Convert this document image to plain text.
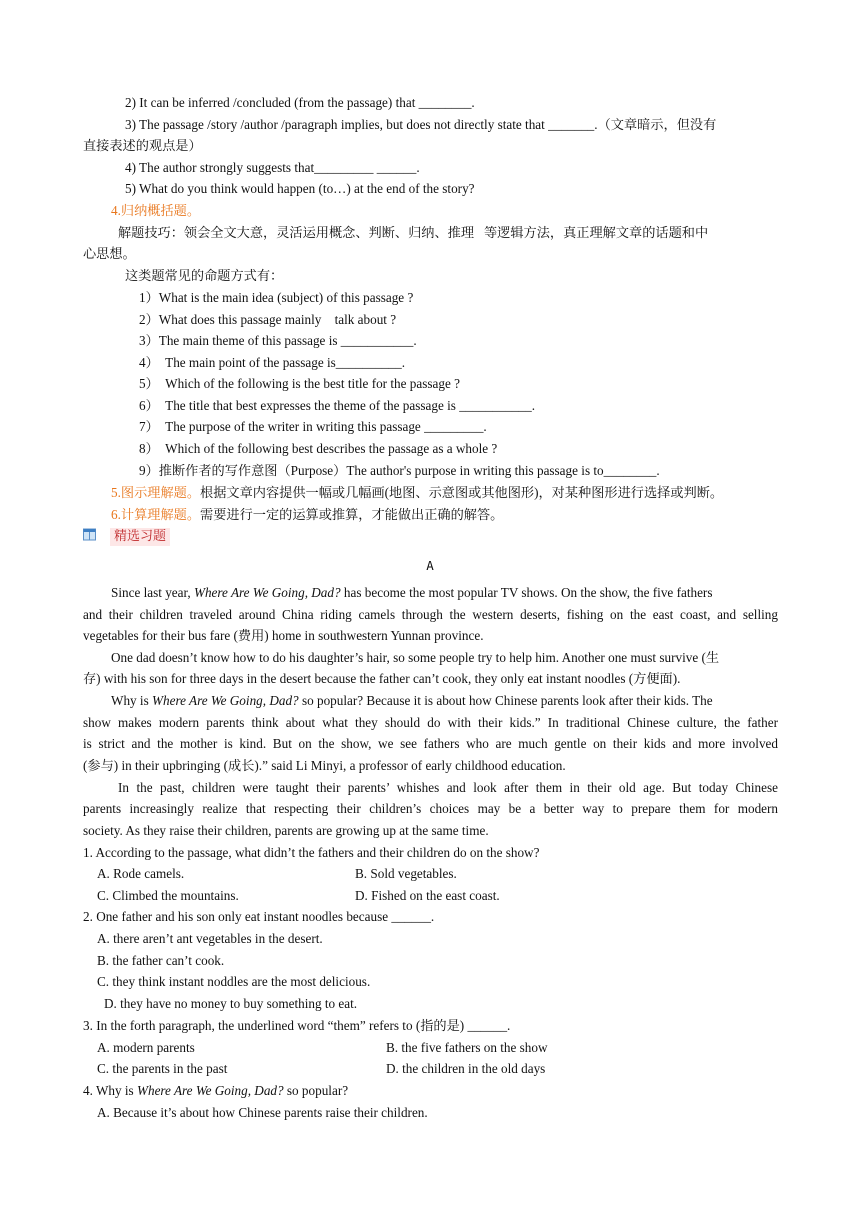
2) It can be inferred /concluded (from the passage) that ________.
3) The passage /story /author /paragraph implies, but does not directly state that _______.（文章暗示，但没有
直接表述的观点是）
4) The author strongly suggests that_________ ______.
5) What do you think would happen (to…) at the end of the story?
4.归纳概括题。
解题技巧：领会全文大意，灵活运用概念、判断、归纳、推理   等逻辑方法，真正理解文章的话题和中
心思想。
这类题常见的命题方式有：
1）What is the main idea (subject) of this passage ?
2）What does this passage mainly    talk about ?
3）The main theme of this passage is ___________.
4）  The main point of the passage is__________.
5）  Which of the following is the best title for the passage ?
6）  The title that best expresses the theme of the passage is ___________.
7）  The purpose of the writer in writing this passage _________.
8）  Which of the following best describes the passage as a whole ?
9）推断作者的写作意图（Purpose）The author's purpose in writing this passage is to________.
5.图示理解题。根据文章内容提供一幅或几幅画(地图、示意图或其他图形)，对某种图形进行选择或判断。
6.计算理解题。需要进行一定的运算或推算，才能做出正确的解答。
精选习题
A
Since last year, Where Are We Going, Dad? has become the most popular TV shows. On the show, the five fathers
and their children traveled around China riding camels through the western deserts, fishing on the east coast, and selling
vegetables for their bus fare (费用) home in southwestern Yunnan province.
One dad doesn’t know how to do his daughter’s hair, so some people try to help him. Another one must survive (生
存) with his son for three days in the desert because the father can’t cook, they only eat instant noodles (方便面).
Why is Where Are We Going, Dad? so popular? Because it is about how Chinese parents look after their kids. The
show makes modern parents think about what they should do with their kids.” In traditional Chinese culture, the father
is strict and the mother is kind. But on the show, we see fathers who are much gentle on their kids and more involved
(参与) in their upbringing (成长).” said Li Minyi, a professor of early childhood education.
In the past, children were taught their parents’ whishes and look after them in their old age. But today Chinese
parents increasingly realize that respecting their children’s choices may be a better way to prepare them for modern
society. As they raise their children, parents are growing up at the same time.
1. According to the passage, what didn’t the fathers and their children do on the show?
A. Rode camels.	B. Sold vegetables.
C. Climbed the mountains.	D. Fished on the east coast.
2. One father and his son only eat instant noodles because ______.
A. there aren’t ant vegetables in the desert.
B. the father can’t cook.
C. they think instant noddles are the most delicious.
D. they have no money to buy something to eat.
3. In the forth paragraph, the underlined word “them” refers to (指的是) ______.
A. modern parents	B. the five fathers on the show
C. the parents in the past	D. the children in the old days
4. Why is Where Are We Going, Dad? so popular?
A. Because it’s about how Chinese parents raise their children.
